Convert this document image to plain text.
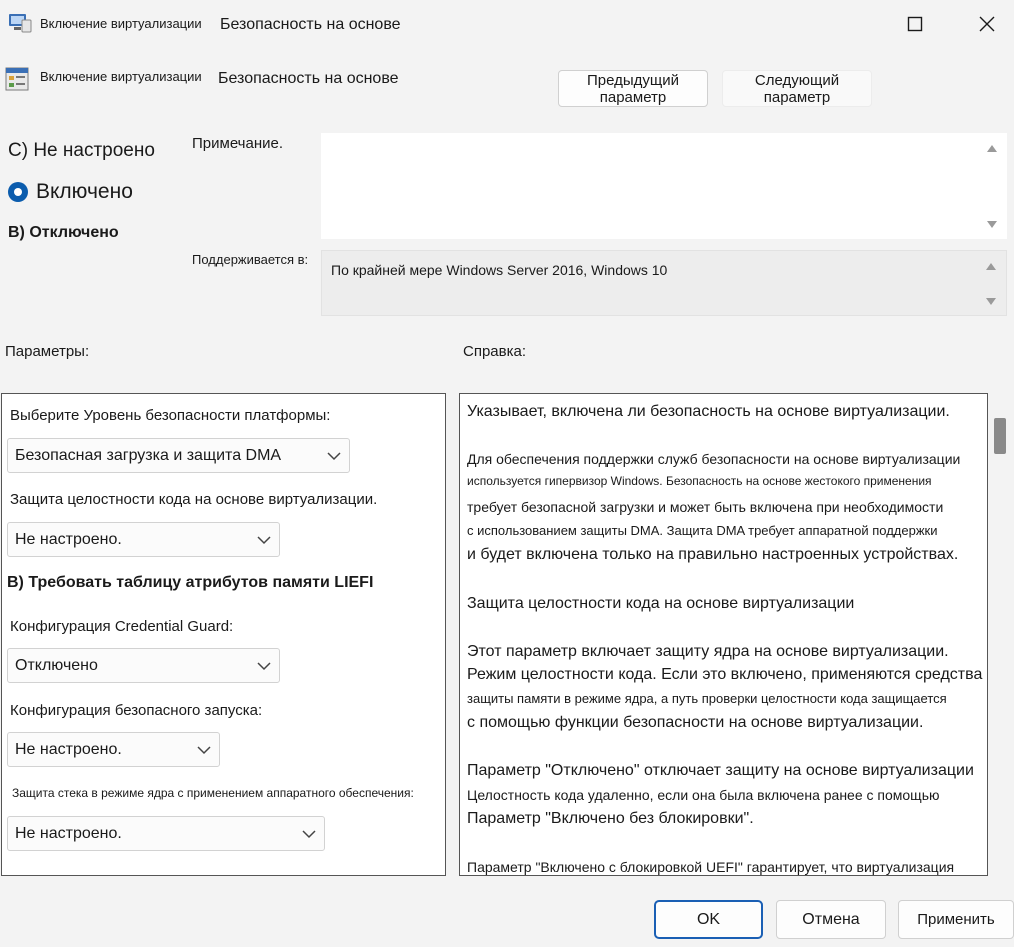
Включение виртуализации Безопасность на основе
Включение виртуализации Безопасность на основе	Предыдущий параметр
Следующий параметр
C) Не настроено
Включено
B) Отключено
Примечание.
Поддерживается в:
По крайней мере Windows Server 2016, Windows 10
Параметры:	Справка:
Выберите Уровень безопасности платформы:
Безопасная загрузка и защита DMA
Защита целостности кода на основе виртуализации.
Не настроено.
B) Требовать таблицу атрибутов памяти LIEFI
Конфигурация Credential Guard:
Отключено
Конфигурация безопасного запуска:
Не настроено.
Защита стека в режиме ядра с применением аппаратного обеспечения:
Не настроено.
Указывает, включена ли безопасность на основе виртуализации.
Для обеспечения поддержки служб безопасности на основе виртуализации
используется гипервизор Windows. Безопасность на основе жестокого применения
требует безопасной загрузки и может быть включена при необходимости
с использованием защиты DMA. Защита DMA требует аппаратной поддержки
и будет включена только на правильно настроенных устройствах.
Защита целостности кода на основе виртуализации
Этот параметр включает защиту ядра на основе виртуализации.
Режим целостности кода. Если это включено, применяются средства
защиты памяти в режиме ядра, а путь проверки целостности кода защищается
с помощью функции безопасности на основе виртуализации.
Параметр "Отключено" отключает защиту на основе виртуализации
Целостность кода удаленно, если она была включена ранее с помощью
Параметр "Включено без блокировки".
Параметр "Включено с блокировкой UEFI" гарантирует, что виртуализация
OK	Отмена	Применить
